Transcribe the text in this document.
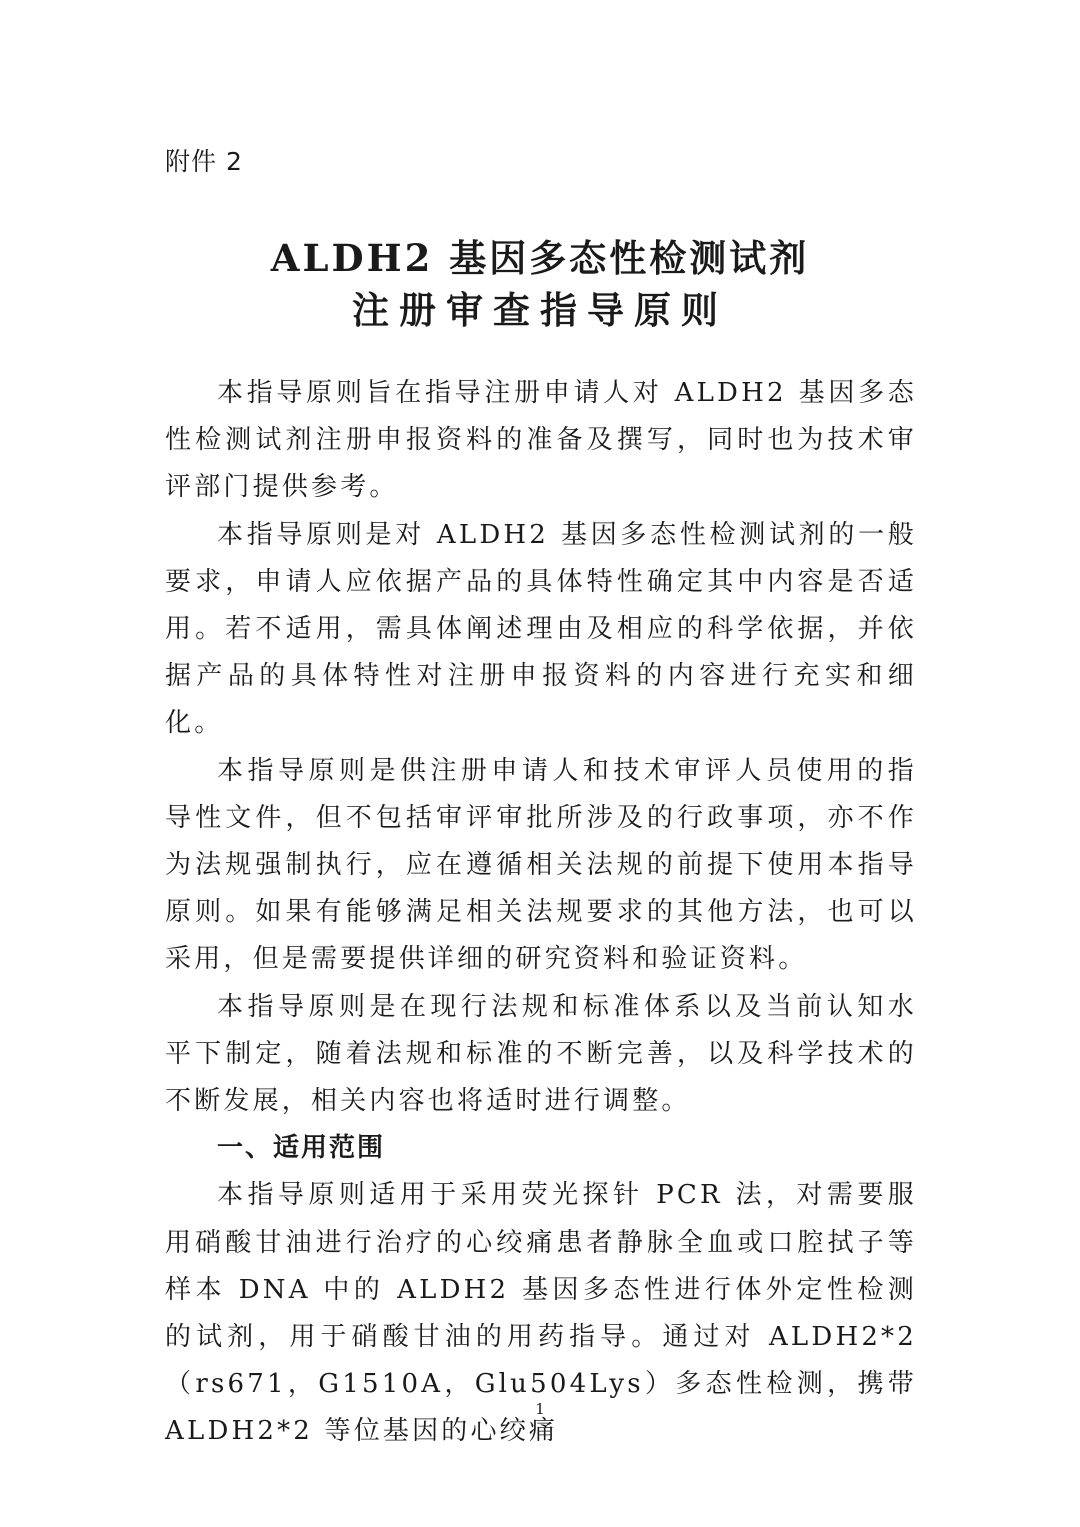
附件 2
ALDH2 基因多态性检测试剂
注册审查指导原则

本指导原则旨在指导注册申请人对 ALDH2 基因多态性检测试剂注册申报资料的准备及撰写，同时也为技术审评部门提供参考。

本指导原则是对 ALDH2 基因多态性检测试剂的一般要求，申请人应依据产品的具体特性确定其中内容是否适用。若不适用，需具体阐述理由及相应的科学依据，并依据产品的具体特性对注册申报资料的内容进行充实和细化。

本指导原则是供注册申请人和技术审评人员使用的指导性文件，但不包括审评审批所涉及的行政事项，亦不作为法规强制执行，应在遵循相关法规的前提下使用本指导原则。如果有能够满足相关法规要求的其他方法，也可以采用，但是需要提供详细的研究资料和验证资料。

本指导原则是在现行法规和标准体系以及当前认知水平下制定，随着法规和标准的不断完善，以及科学技术的不断发展，相关内容也将适时进行调整。

一、适用范围

本指导原则适用于采用荧光探针 PCR 法，对需要服用硝酸甘油进行治疗的心绞痛患者静脉全血或口腔拭子等样本 DNA 中的 ALDH2 基因多态性进行体外定性检测的试剂，用于硝酸甘油的用药指导。通过对 ALDH2*2（rs671，G1510A，Glu504Lys）多态性检测，携带 ALDH2*2 等位基因的心绞痛

1
